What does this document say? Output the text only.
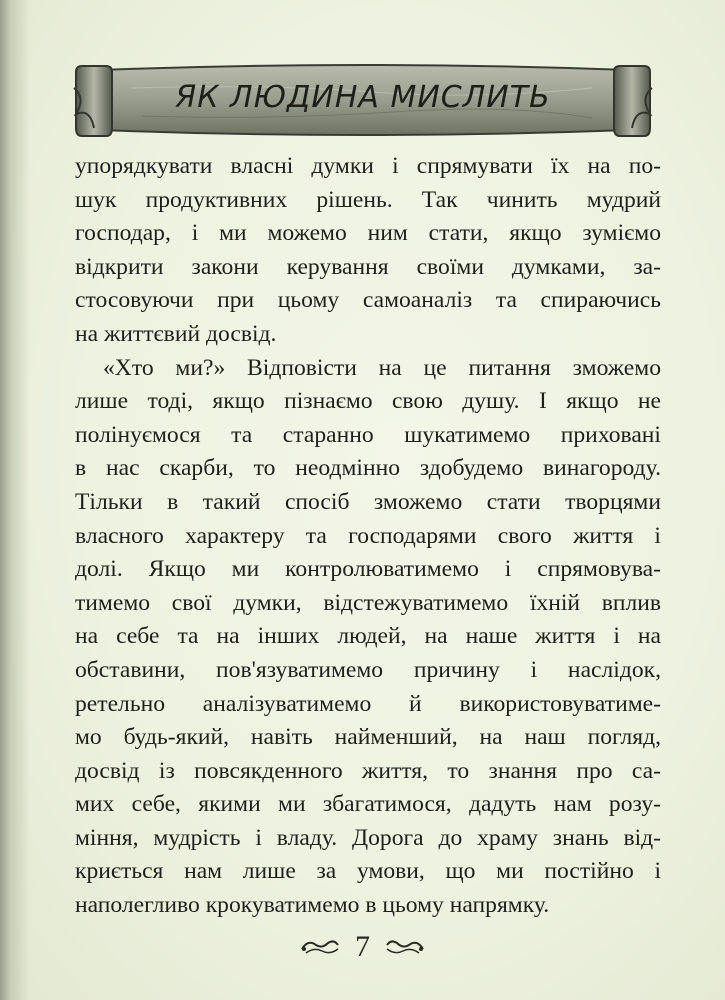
ЯК ЛЮДИНА МИСЛИТЬ
упорядкувати власні думки і спрямувати їх на по-
шук продуктивних рішень. Так чинить мудрий
господар, і ми можемо ним стати, якщо зуміємо
відкрити закони керування своїми думками, за-
стосовуючи при цьому самоаналіз та спираючись
на життєвий досвід.
«Хто ми?» Відповісти на це питання зможемо
лише тоді, якщо пізнаємо свою душу. І якщо не
полінуємося та старанно шукатимемо приховані
в нас скарби, то неодмінно здобудемо винагороду.
Тільки в такий спосіб зможемо стати творцями
власного характеру та господарями свого життя і
долі. Якщо ми контролюватимемо і спрямовува-
тимемо свої думки, відстежуватимемо їхній вплив
на себе та на інших людей, на наше життя і на
обставини, пов'язуватимемо причину і наслідок,
ретельно аналізуватимемо й використовуватиме-
мо будь-який, навіть найменший, на наш погляд,
досвід із повсякденного життя, то знання про са-
мих себе, якими ми збагатимося, дадуть нам розу-
міння, мудрість і владу. Дорога до храму знань від-
криється нам лише за умови, що ми постійно і
наполегливо крокуватимемо в цьому напрямку.
7
